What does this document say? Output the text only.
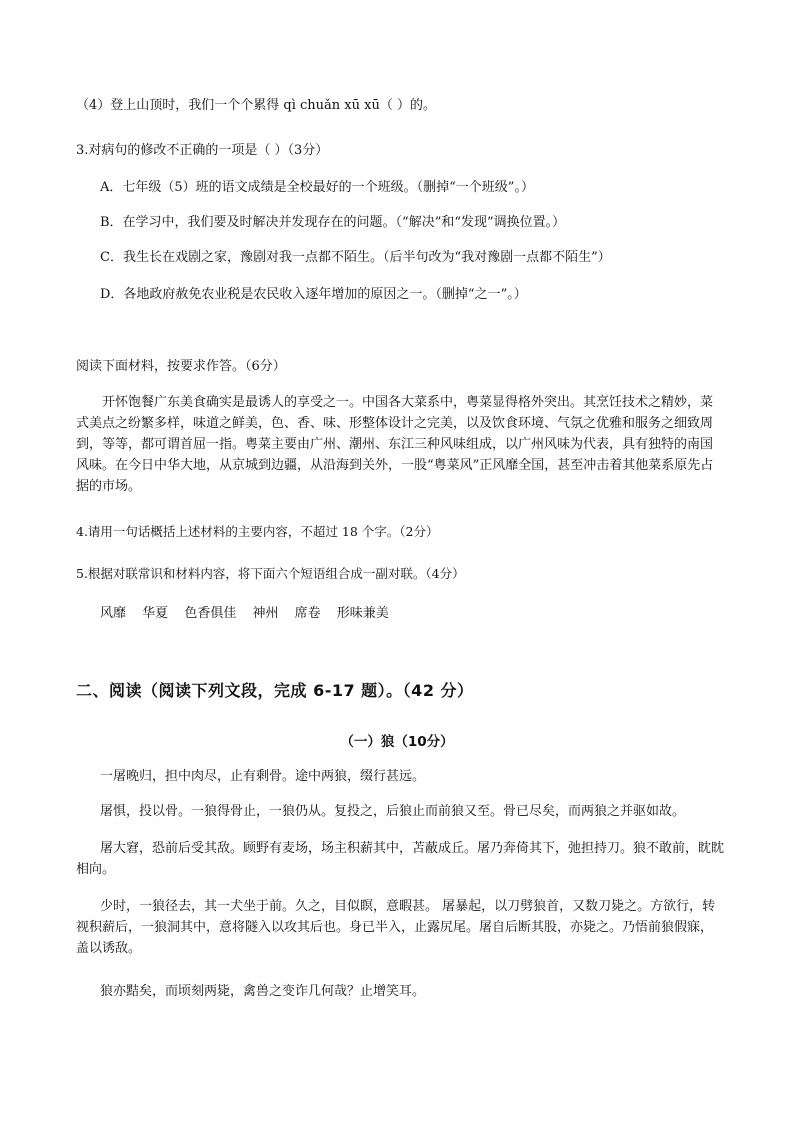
（4）登上山顶时，我们一个个累得 qì chuǎn xū xū（ ）的。
3.对病句的修改不正确的一项是（ ）（3分）
A．七年级（5）班的语文成绩是全校最好的一个班级。（删掉“一个班级”。）
B．在学习中，我们要及时解决并发现存在的问题。（“解决”和“发现”调换位置。）
C．我生长在戏剧之家，豫剧对我一点都不陌生。（后半句改为“我对豫剧一点都不陌生”）
D．各地政府赦免农业税是农民收入逐年增加的原因之一。（删掉“之一”。）
阅读下面材料，按要求作答。（6分）
开怀饱餐广东美食确实是最诱人的享受之一。中国各大菜系中，粤菜显得格外突出。其烹饪技术之精妙，菜式美点之纷繁多样，味道之鲜美，色、香、味、形整体设计之完美，以及饮食环境、气氛之优雅和服务之细致周到，等等，都可谓首屈一指。粤菜主要由广州、潮州、东江三种风味组成，以广州风味为代表，具有独特的南国风味。在今日中华大地，从京城到边疆，从沿海到关外，一股“粤菜风”正风靡全国，甚至冲击着其他菜系原先占据的市场。
4.请用一句话概括上述材料的主要内容，不超过 18 个字。（2分）
5.根据对联常识和材料内容，将下面六个短语组合成一副对联。（4分）
风靡 华夏 色香俱佳 神州 席卷 形味兼美
二、阅读（阅读下列文段，完成 6-17 题）。（42 分）
（一）狼（10分）
一屠晚归，担中肉尽，止有剩骨。途中两狼，缀行甚远。
屠惧，投以骨。一狼得骨止，一狼仍从。复投之，后狼止而前狼又至。骨已尽矣，而两狼之并驱如故。
屠大窘，恐前后受其敌。顾野有麦场，场主积薪其中，苫蔽成丘。屠乃奔倚其下，弛担持刀。狼不敢前，眈眈相向。
少时，一狼径去，其一犬坐于前。久之，目似瞑，意暇甚。 屠暴起，以刀劈狼首，又数刀毙之。方欲行，转视积薪后，一狼洞其中，意将隧入以攻其后也。身已半入，止露尻尾。屠自后断其股，亦毙之。乃悟前狼假寐，盖以诱敌。
狼亦黠矣，而顷刻两毙，禽兽之变诈几何哉？止增笑耳。
